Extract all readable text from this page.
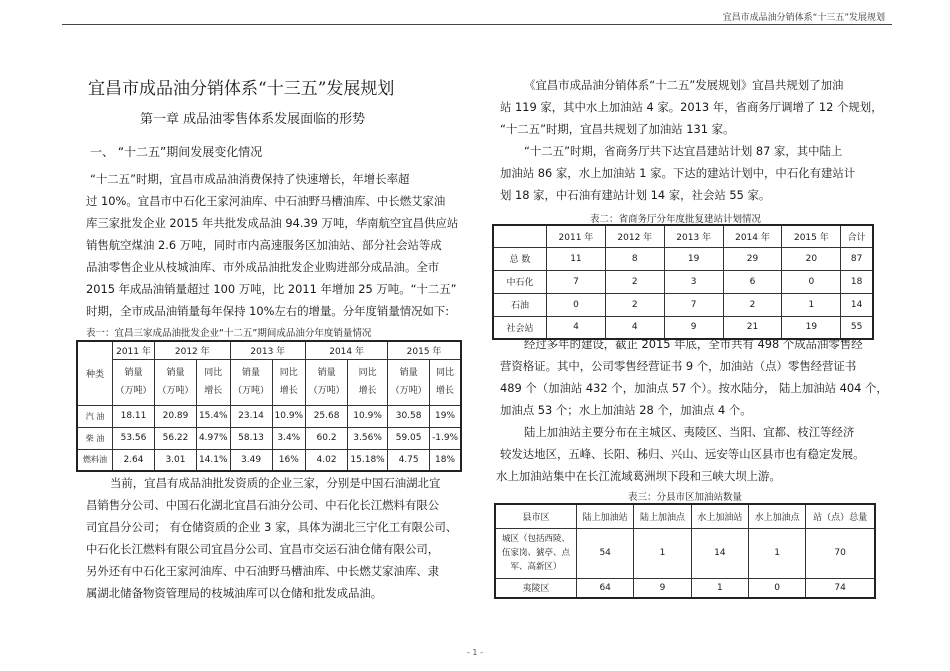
宜昌市成品油分销体系“十三五”发展规划
宜昌市成品油分销体系“十三五”发展规划
第一章 成品油零售体系发展面临的形势
一、 “十二五”期间发展变化情况

“十二五”时期，宜昌市成品油消费保持了快速增长，年增长率超

过 10%。宜昌市中石化王家河油库、中石油野马槽油库、中长燃艾家油

库三家批发企业 2015 年共批发成品油 94.39 万吨，华南航空宜昌供应站

销售航空煤油 2.6 万吨，同时市内高速服务区加油站、部分社会站等成

品油零售企业从枝城油库、市外成品油批发企业购进部分成品油。全市

2015 年成品油销量超过 100 万吨，比 2011 年增加 25 万吨。“十二五”

时期，全市成品油销量每年保持 10%左右的增量。分年度销量情况如下:

表一：宜昌三家成品油批发企业“十二五”期间成品油分年度销量情况
种类	2011 年	2012 年		2013 年		2014 年		2015 年	
	销量
（万吨）	销量
（万吨）	同比
增长	销量
（万吨）	同比
增长	销量
（万吨）	同比
增长	销量
（万吨）	同比
增长
汽 油	18.11	20.89	15.4%	23.14	10.9%	25.68	10.9%	30.58	19%
柴 油	53.56	56.22	4.97%	58.13	3.4%	60.2	3.56%	59.05	-1.9%
燃料油	2.64	3.01	14.1%	3.49	16%	4.02	15.18%	4.75	18%

当前，宜昌有成品油批发资质的企业三家，分别是中国石油湖北宜

昌销售分公司、中国石化湖北宜昌石油分公司、中石化长江燃料有限公

司宜昌分公司； 有仓储资质的企业 3 家，具体为湖北三宁化工有限公司、

中石化长江燃料有限公司宜昌分公司、宜昌市交运石油仓储有限公司，

另外还有中石化王家河油库、中石油野马槽油库、中长燃艾家油库、隶

属湖北储备物资管理局的枝城油库可以仓储和批发成品油。

《宜昌市成品油分销体系“十二五”发展规划》宜昌共规划了加油

站 119 家，其中水上加油站 4 家。2013 年，省商务厅调增了 12 个规划，

“十二五”时期，宜昌共规划了加油站 131 家。

“十二五”时期，省商务厅共下达宜昌建站计划 87 家，其中陆上

加油站 86 家，水上加油站 1 家。下达的建站计划中，中石化有建站计

划 18 家，中石油有建站计划 14 家，社会站 55 家。

表二：省商务厅分年度批复建站计划情况
	2011 年	2012 年	2013 年	2014 年	2015 年	合计
总 数	11	8	19	29	20	87
中石化	7	2	3	6	0	18
石油	0	2	7	2	1	14
社会站	4	4	9	21	19	55

经过多年的建设，截止 2015 年底，全市共有 498 个成品油零售经

营资格证。其中，公司零售经营证书 9 个，加油站（点）零售经营证书

489 个（加油站 432 个，加油点 57 个）。按水陆分， 陆上加油站 404 个，

加油点 53 个；水上加油站 28 个，加油点 4 个。

陆上加油站主要分布在主城区、夷陵区、当阳、宜都、枝江等经济

较发达地区，五峰、长阳、秭归、兴山、远安等山区县市也有稳定发展。

水上加油站集中在长江流域葛洲坝下段和三峡大坝上游。

表三：分县市区加油站数量
县市区	陆上加油站	陆上加油点	水上加油站	水上加油点	站（点）总量
城区（包括西陵、
伍家岗、猇亭、点
军、高新区）	54	1	14	1	70
夷陵区	64	9	1	0	74
- 1 -
